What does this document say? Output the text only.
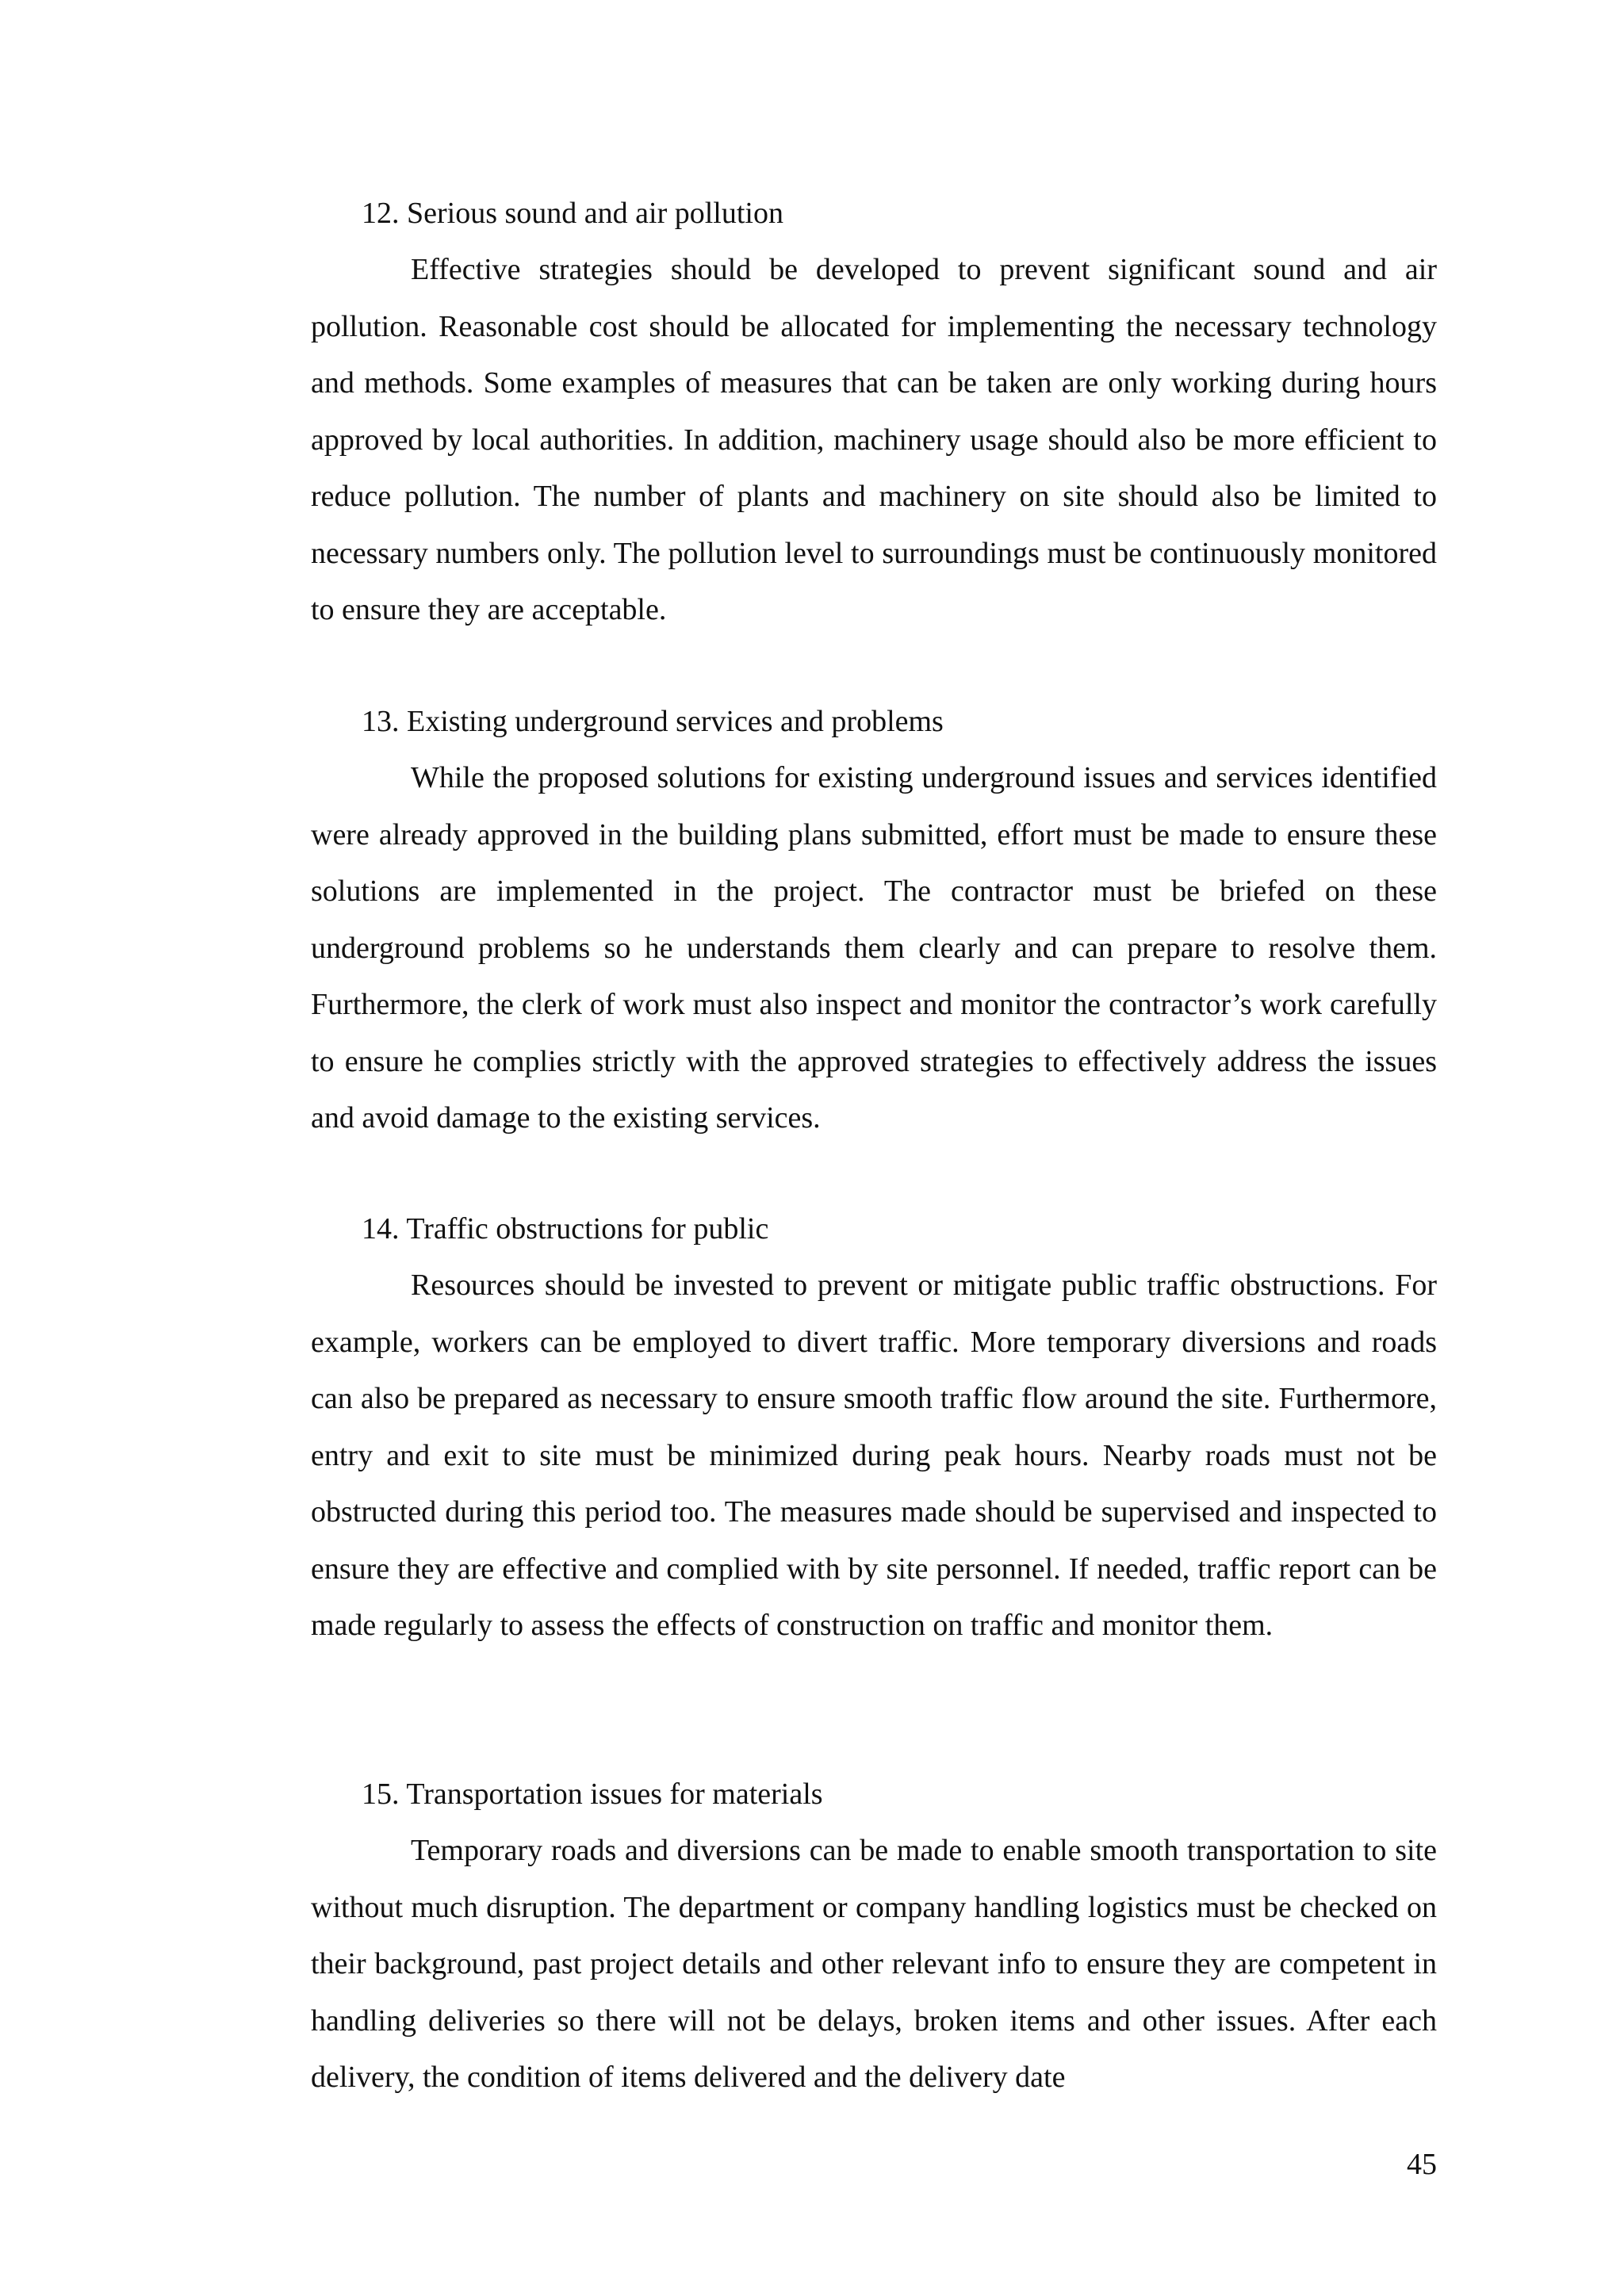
12. Serious sound and air pollution

Effective strategies should be developed to prevent significant sound and air pollution. Reasonable cost should be allocated for implementing the necessary technology and methods. Some examples of measures that can be taken are only working during hours approved by local authorities. In addition, machinery usage should also be more efficient to reduce pollution. The number of plants and machinery on site should also be limited to necessary numbers only. The pollution level to surroundings must be continuously monitored to ensure they are acceptable.

13. Existing underground services and problems

While the proposed solutions for existing underground issues and services identified were already approved in the building plans submitted, effort must be made to ensure these solutions are implemented in the project. The contractor must be briefed on these underground problems so he understands them clearly and can prepare to resolve them. Furthermore, the clerk of work must also inspect and monitor the contractor’s work carefully to ensure he complies strictly with the approved strategies to effectively address the issues and avoid damage to the existing services.

14. Traffic obstructions for public

Resources should be invested to prevent or mitigate public traffic obstructions. For example, workers can be employed to divert traffic. More temporary diversions and roads can also be prepared as necessary to ensure smooth traffic flow around the site. Furthermore, entry and exit to site must be minimized during peak hours. Nearby roads must not be obstructed during this period too. The measures made should be supervised and inspected to ensure they are effective and complied with by site personnel. If needed, traffic report can be made regularly to assess the effects of construction on traffic and monitor them.

15. Transportation issues for materials

Temporary roads and diversions can be made to enable smooth transportation to site without much disruption. The department or company handling logistics must be checked on their background, past project details and other relevant info to ensure they are competent in handling deliveries so there will not be delays, broken items and other issues. After each delivery, the condition of items delivered and the delivery date

45
